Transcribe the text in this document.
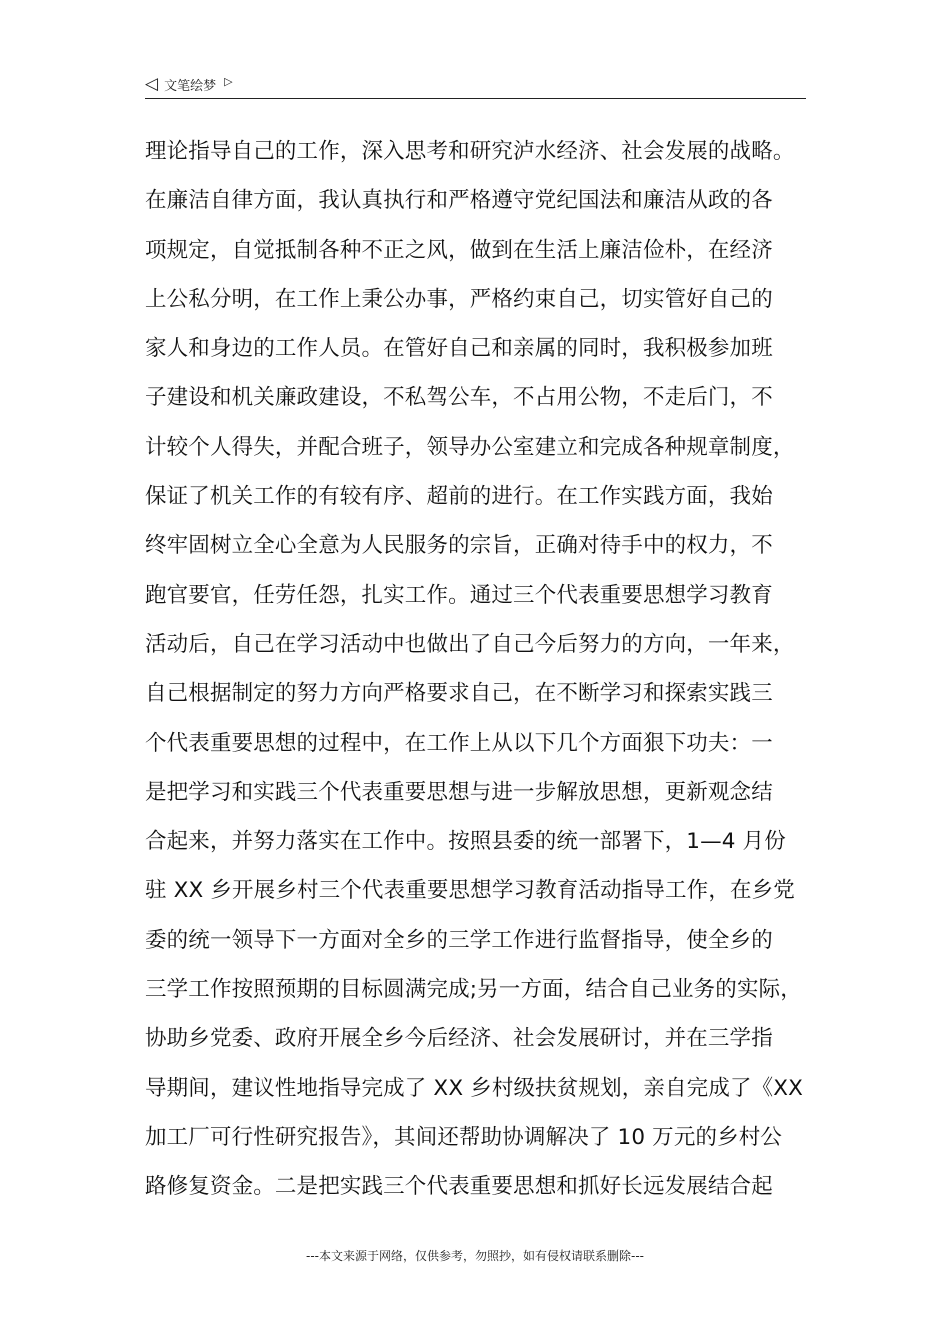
◁ 文笔绘梦 ▷
理论指导自己的工作，深入思考和研究泸水经济、社会发展的战略。
在廉洁自律方面，我认真执行和严格遵守党纪国法和廉洁从政的各
项规定，自觉抵制各种不正之风，做到在生活上廉洁俭朴，在经济
上公私分明，在工作上秉公办事，严格约束自己，切实管好自己的
家人和身边的工作人员。在管好自己和亲属的同时，我积极参加班
子建设和机关廉政建设，不私驾公车，不占用公物，不走后门，不
计较个人得失，并配合班子，领导办公室建立和完成各种规章制度，
保证了机关工作的有较有序、超前的进行。在工作实践方面，我始
终牢固树立全心全意为人民服务的宗旨，正确对待手中的权力，不
跑官要官，任劳任怨，扎实工作。通过三个代表重要思想学习教育
活动后，自己在学习活动中也做出了自己今后努力的方向，一年来，
自己根据制定的努力方向严格要求自己，在不断学习和探索实践三
个代表重要思想的过程中，在工作上从以下几个方面狠下功夫：一
是把学习和实践三个代表重要思想与进一步解放思想，更新观念结
合起来，并努力落实在工作中。按照县委的统一部署下，1—4 月份
驻 XX 乡开展乡村三个代表重要思想学习教育活动指导工作，在乡党
委的统一领导下一方面对全乡的三学工作进行监督指导，使全乡的
三学工作按照预期的目标圆满完成;另一方面，结合自己业务的实际，
协助乡党委、政府开展全乡今后经济、社会发展研讨，并在三学指
导期间，建议性地指导完成了 XX 乡村级扶贫规划，亲自完成了《XX
加工厂可行性研究报告》，其间还帮助协调解决了 10 万元的乡村公
路修复资金。二是把实践三个代表重要思想和抓好长远发展结合起
---本文来源于网络，仅供参考，勿照抄，如有侵权请联系删除---
